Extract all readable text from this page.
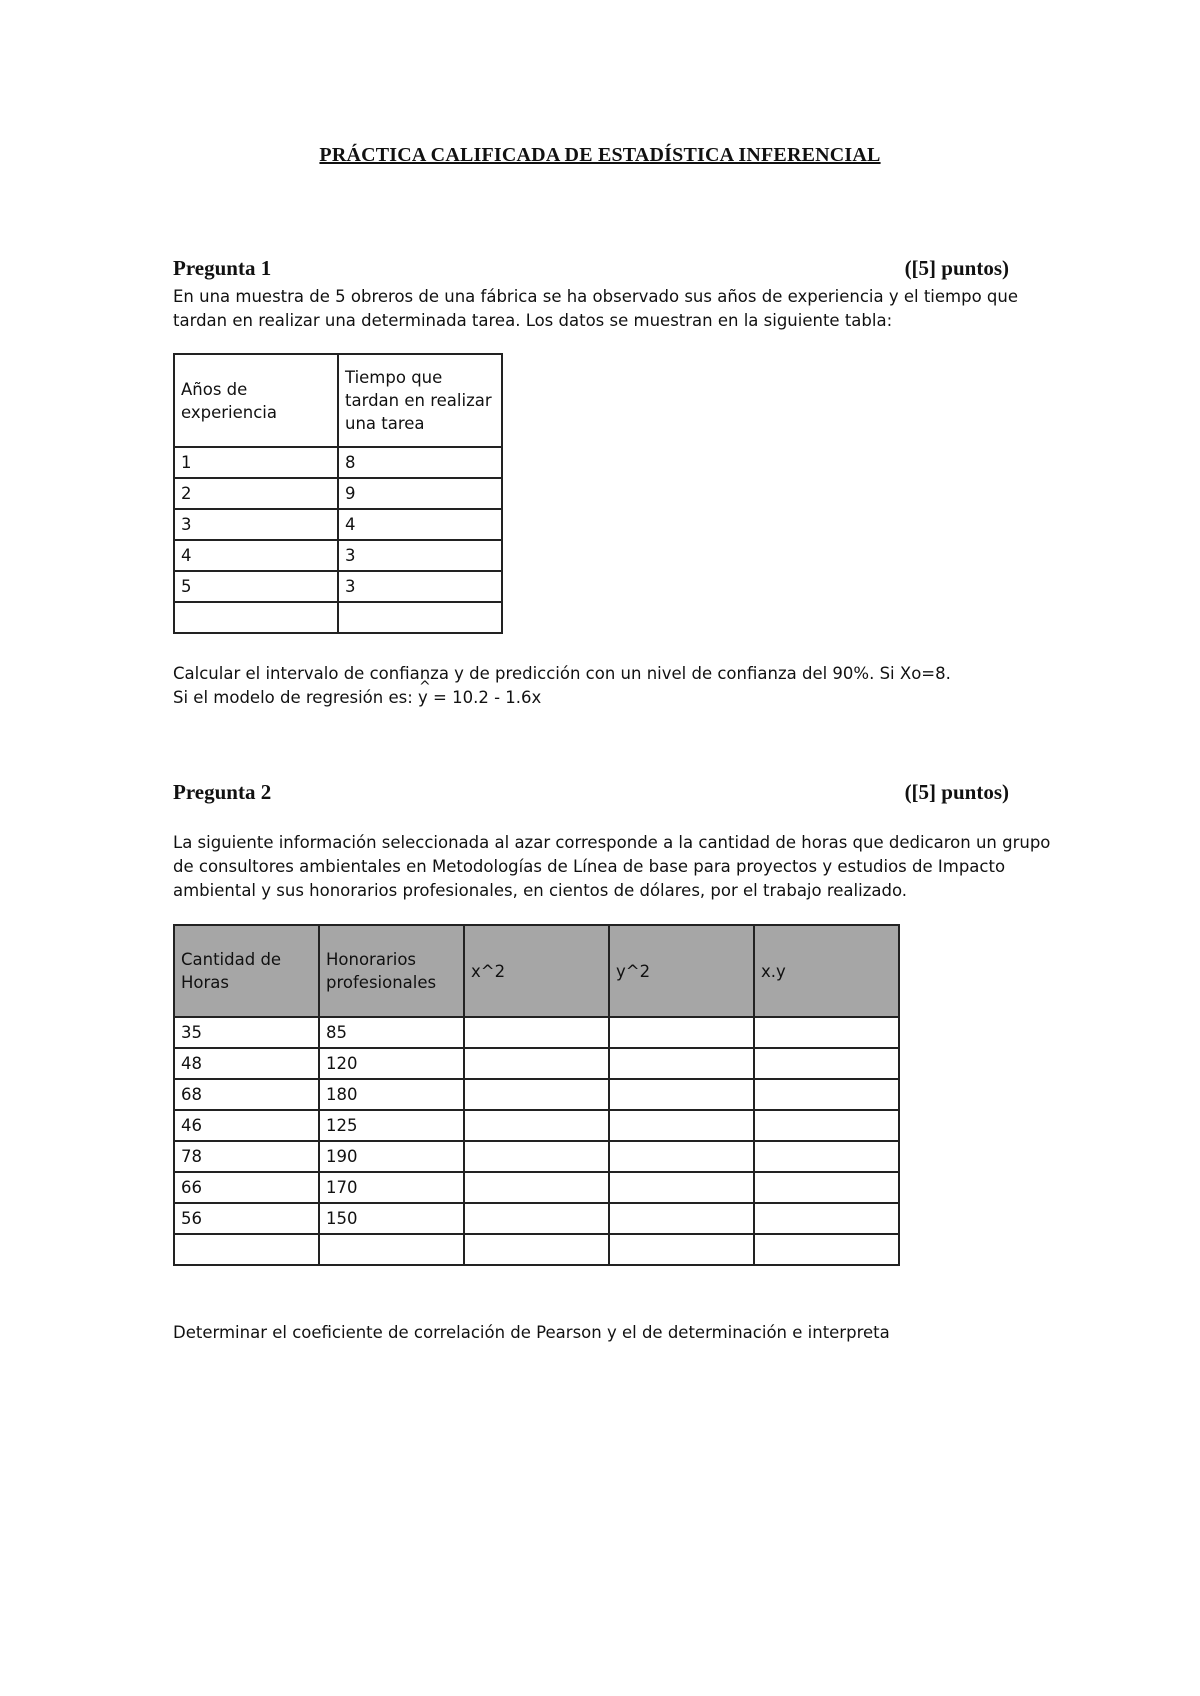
PRÁCTICA CALIFICADA DE ESTADÍSTICA INFERENCIAL
Pregunta 1	([5] puntos)
En una muestra de 5 obreros de una fábrica se ha observado sus años de experiencia y el tiempo que
tardan en realizar una determinada tarea. Los datos se muestran en la siguiente tabla:
Años de experiencia	Tiempo que tardan en realizar una tarea
1	8
2	9
3	4
4	3
5	3

Calcular el intervalo de confianza y de predicción con un nivel de confianza del 90%. Si Xo=8.
Si el modelo de regresión es: ^ y = 10.2 - 1.6x
Pregunta 2	([5] puntos)
La siguiente información seleccionada al azar corresponde a la cantidad de horas que dedicaron un grupo
de consultores ambientales en Metodologías de Línea de base para proyectos y estudios de Impacto
ambiental y sus honorarios profesionales, en cientos de dólares, por el trabajo realizado.
Cantidad de Horas	Honorarios profesionales	x^2	y^2	x.y
35	85			
48	120			
68	180			
46	125			
78	190			
66	170			
56	150			

Determinar el coeficiente de correlación de Pearson y el de determinación e interpreta
